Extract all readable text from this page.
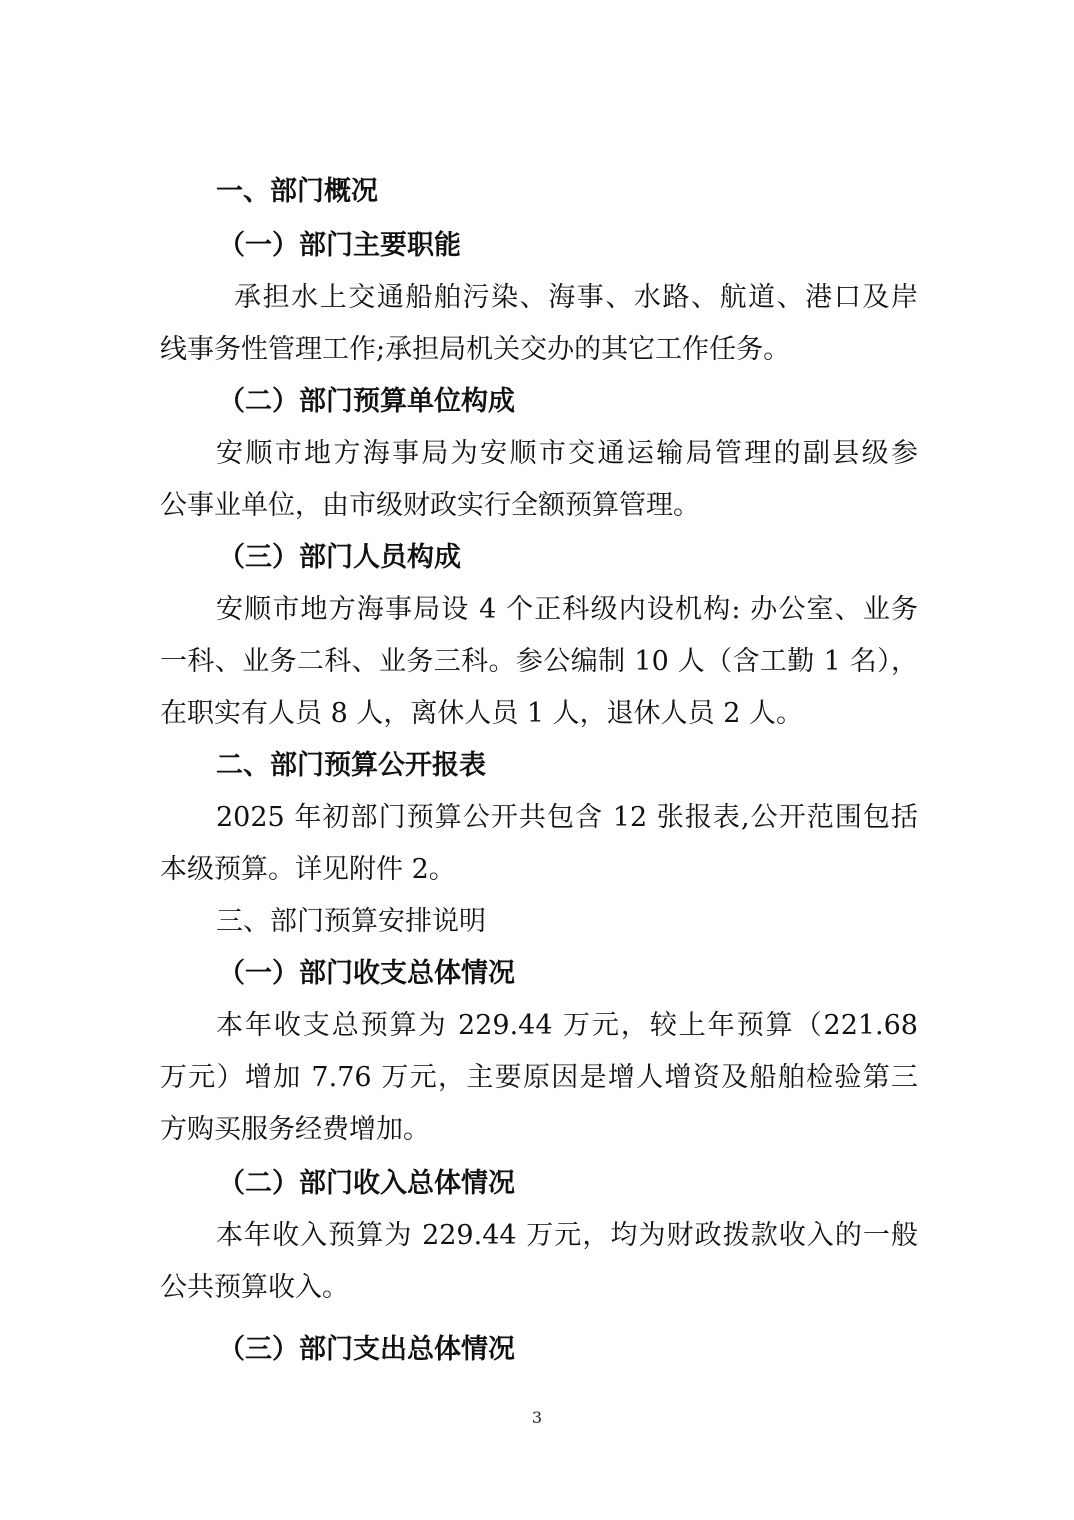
一、部门概况
（一）部门主要职能
承担水上交通船舶污染、海事、水路、航道、港口及岸
线事务性管理工作;承担局机关交办的其它工作任务。
（二）部门预算单位构成
安顺市地方海事局为安顺市交通运输局管理的副县级参
公事业单位，由市级财政实行全额预算管理。
（三）部门人员构成
安顺市地方海事局设 4 个正科级内设机构: 办公室、业务
一科、业务二科、业务三科。参公编制 10 人（含工勤 1 名），
在职实有人员 8 人，离休人员 1 人，退休人员 2 人。
二、部门预算公开报表
2025 年初部门预算公开共包含 12 张报表,公开范围包括
本级预算。详见附件 2。
三、部门预算安排说明
（一）部门收支总体情况
本年收支总预算为 229.44 万元，较上年预算（221.68
万元）增加 7.76 万元，主要原因是增人增资及船舶检验第三
方购买服务经费增加。
（二）部门收入总体情况
本年收入预算为 229.44 万元，均为财政拨款收入的一般
公共预算收入。
（三）部门支出总体情况
3
